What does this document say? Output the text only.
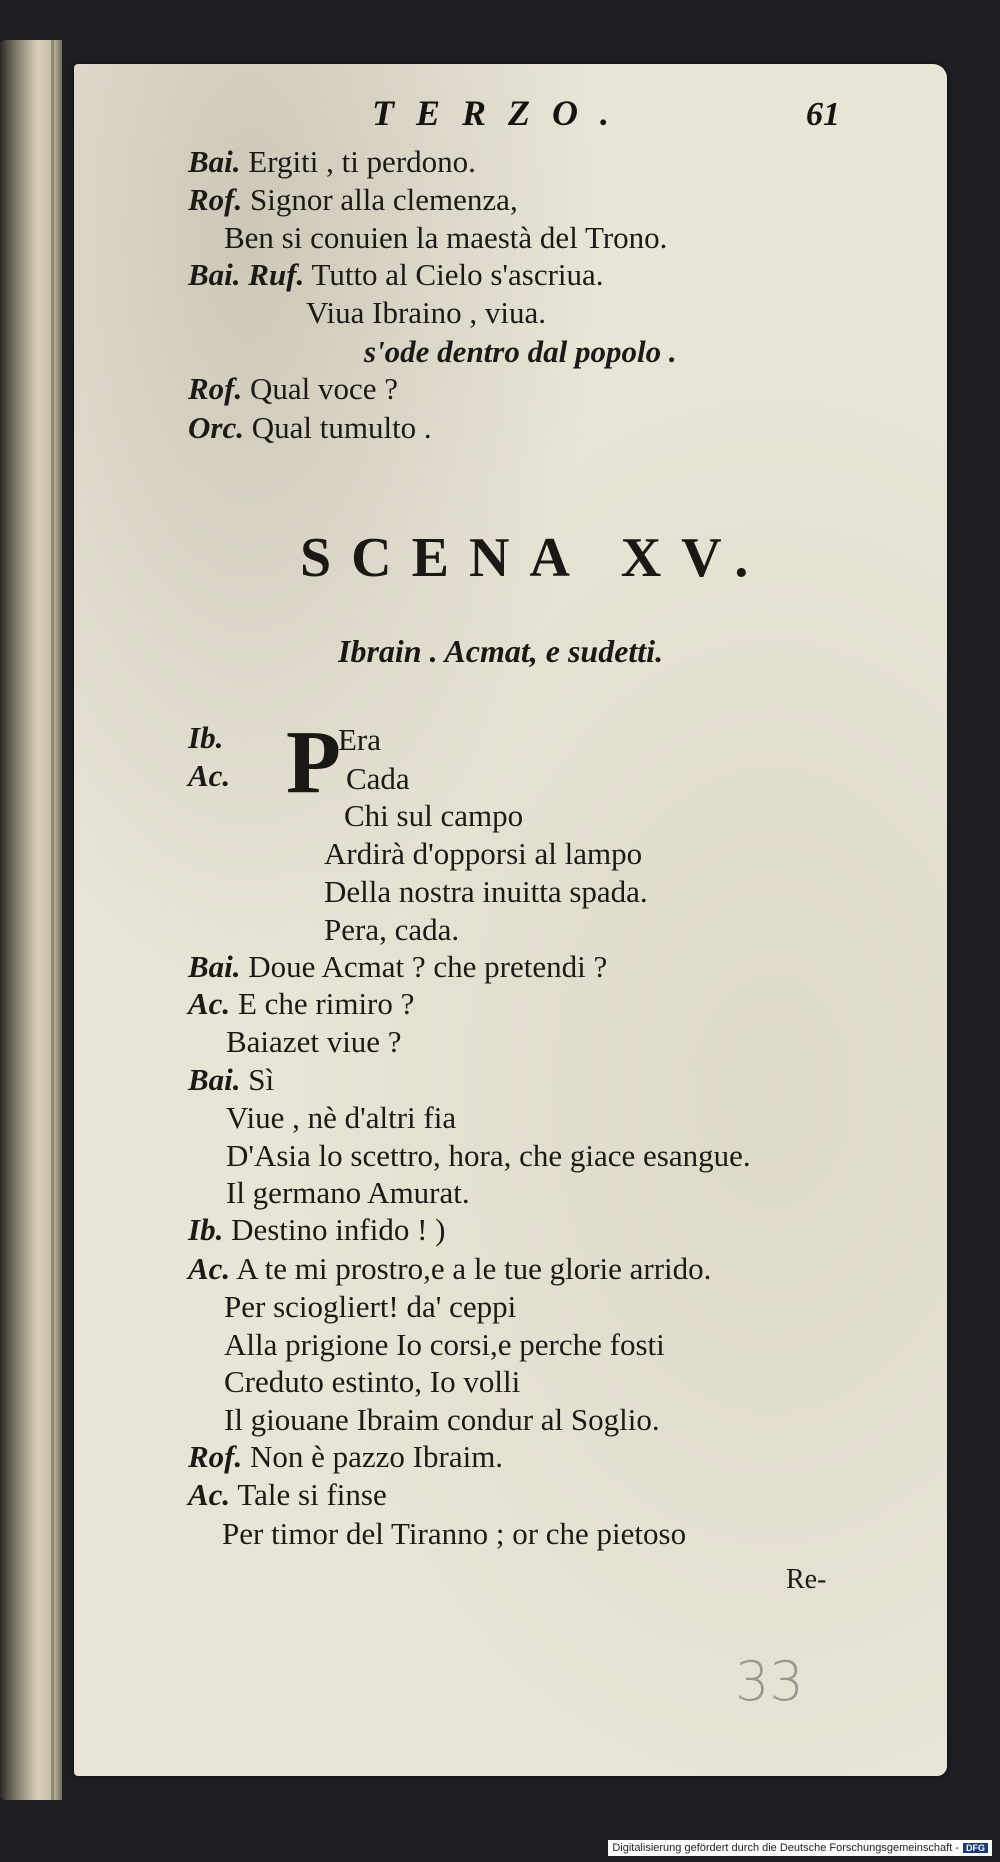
TERZO.	61
Bai. Ergiti , ti perdono.
Rof. Signor alla clemenza,
Ben si conuien la maestà del Trono.
Bai. Ruf. Tutto al Cielo s'ascriua.
Viua Ibraino , viua.
s'ode dentro dal popolo .
Rof. Qual voce ?
Orc. Qual tumulto .
SCENA XV.
Ibrain . Acmat, e sudetti.
P
Ib.	Era
Ac.	Cada
Chi sul campo
Ardirà d'opporsi al lampo
Della nostra inuitta spada.
Pera, cada.
Bai. Doue Acmat ? che pretendi ?
Ac. E che rimiro ?
Baiazet viue ?
Bai. Sì
Viue , nè d'altri fia
D'Asia lo scettro, hora, che giace esangue.
Il germano Amurat.
Ib. Destino infido ! )
Ac. A te mi prostro,e a le tue glorie arrido.
Per sciogliert! da' ceppi
Alla prigione Io corsi,e perche fosti
Creduto estinto, Io volli
Il giouane Ibraim condur al Soglio.
Rof. Non è pazzo Ibraim.
Ac. Tale si finse
Per timor del Tiranno ; or che pietoso
Re-
33
Digitalisierung gefördert durch die Deutsche Forschungsgemeinschaft - DFG
